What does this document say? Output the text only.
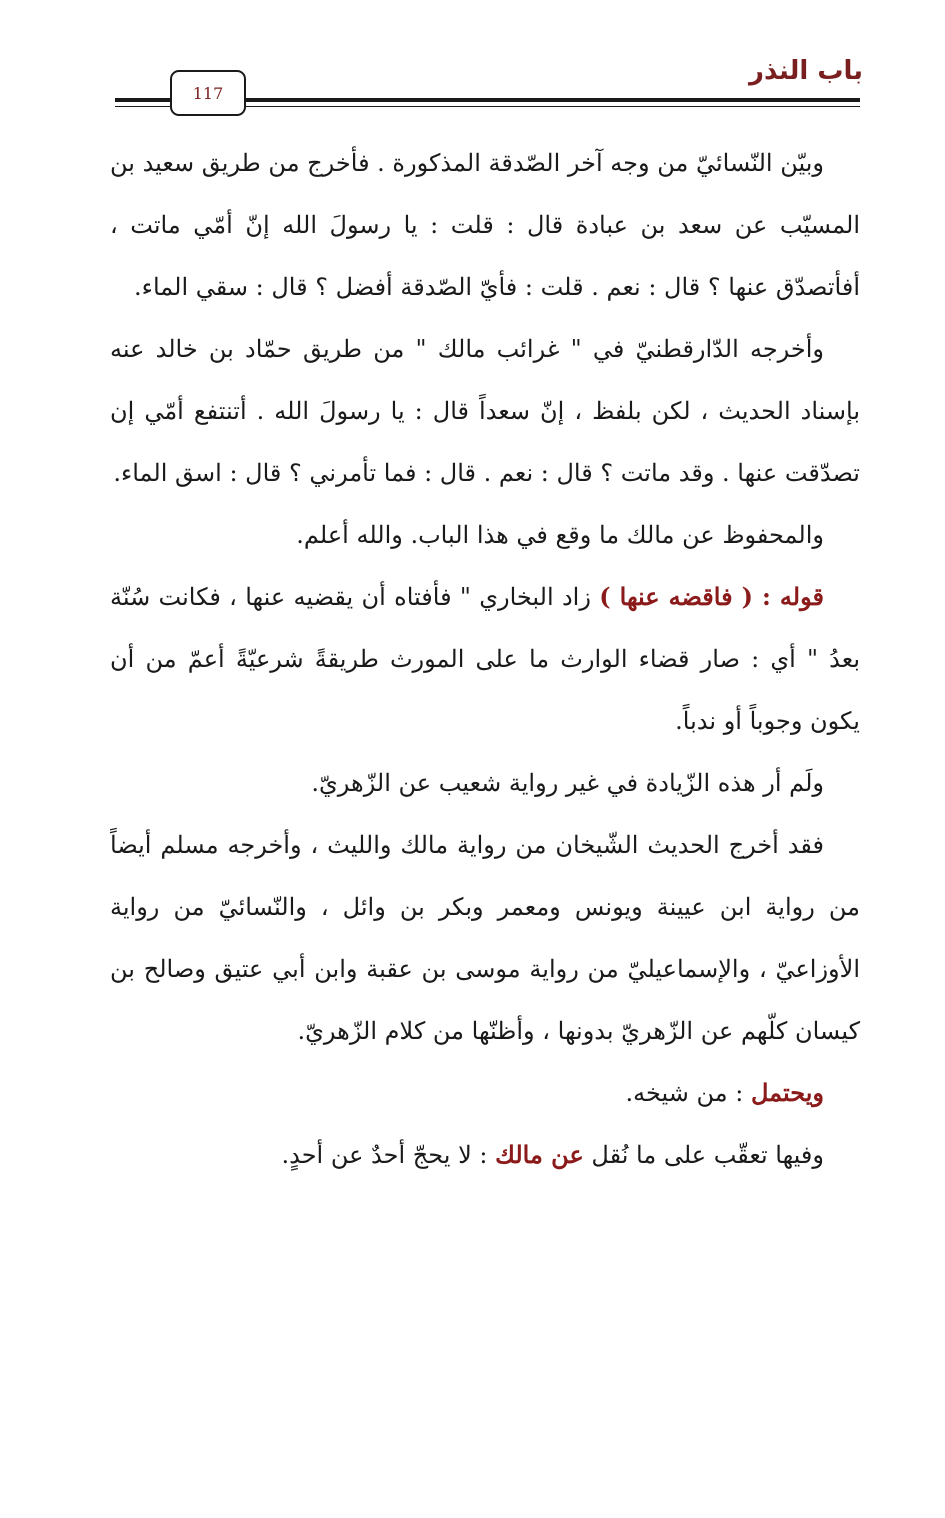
باب النذر
117

وبيّن النّسائيّ من وجه آخر الصّدقة المذكورة . فأخرج من طريق سعيد بن المسيّب عن سعد بن عبادة قال : قلت : يا رسولَ الله إنّ أمّي ماتت ، أفأتصدّق عنها ؟ قال : نعم . قلت : فأيّ الصّدقة أفضل ؟ قال : سقي الماء.

وأخرجه الدّارقطنيّ في " غرائب مالك " من طريق حمّاد بن خالد عنه بإسناد الحديث ، لكن بلفظ ، إنّ سعداً قال : يا رسولَ الله . أتنتفع أمّي إن تصدّقت عنها . وقد ماتت ؟ قال : نعم . قال : فما تأمرني ؟ قال : اسق الماء.

والمحفوظ عن مالك ما وقع في هذا الباب. والله أعلم.

قوله : ( فاقضه عنها ) زاد البخاري " فأفتاه أن يقضيه عنها ، فكانت سُنّة بعدُ " أي : صار قضاء الوارث ما على المورث طريقةً شرعيّةً أعمّ من أن يكون وجوباً أو ندباً.

ولَم أر هذه الزّيادة في غير رواية شعيب عن الزّهريّ.

فقد أخرج الحديث الشّيخان من رواية مالك والليث ، وأخرجه مسلم أيضاً من رواية ابن عيينة ويونس ومعمر وبكر بن وائل ، والنّسائيّ من رواية الأوزاعيّ ، والإسماعيليّ من رواية موسى بن عقبة وابن أبي عتيق وصالح بن كيسان كلّهم عن الزّهريّ بدونها ، وأظنّها من كلام الزّهريّ.

ويحتمل : من شيخه.

وفيها تعقّب على ما نُقل عن مالك : لا يحجّ أحدٌ عن أحدٍ.
